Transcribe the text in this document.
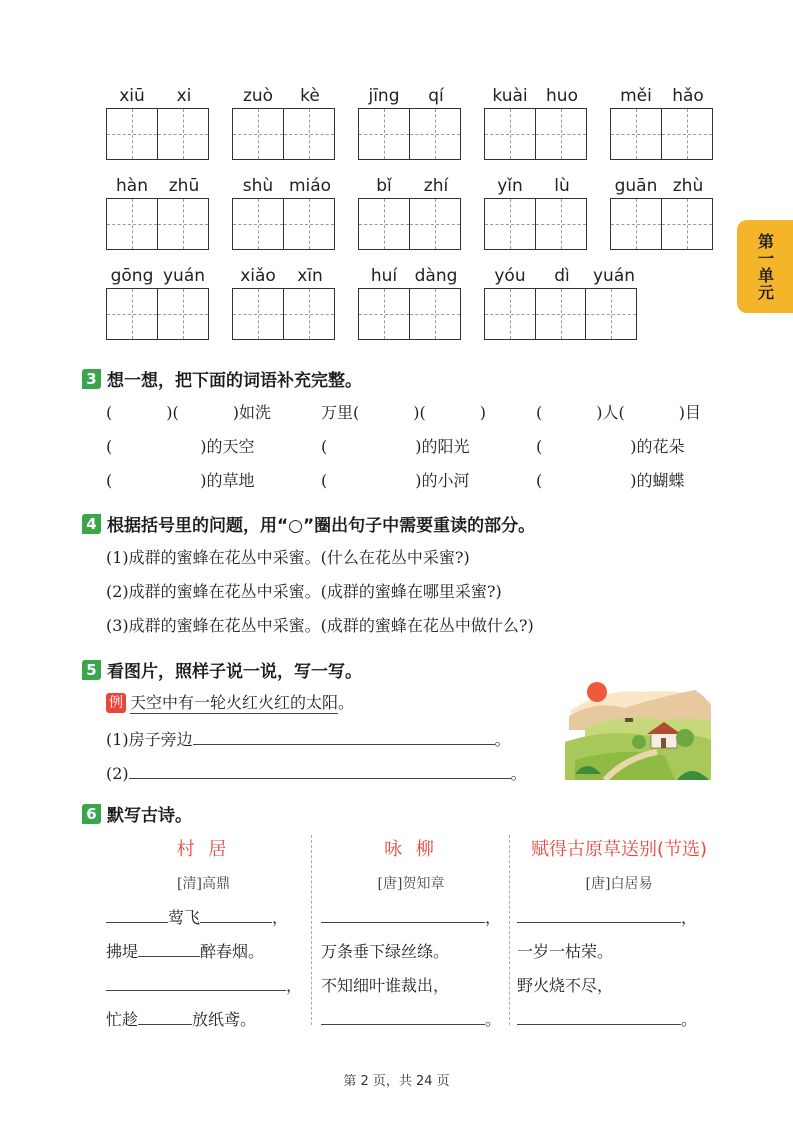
xiū	xi	zuò	kè	jīng	qí	kuài	huo	měi	hǎo
hàn	zhū	shù miáo	bǐ	zhí	yǐn	lù	guān zhù
gōng yuán	xiǎo	xīn	huí	dàng	yóu	dì	yuán	第一单元
3 想一想，把下面的词语补充完整。
(	)(	)如洗	万里(	)(	)	(	)人(	)目
(	)的天空	(	)的阳光	(	)的花朵
(	)的草地	(	)的小河	(	)的蝴蝶
4 根据括号里的问题，用“○”圈出句子中需要重读的部分。
(1)成群的蜜蜂在花丛中采蜜。(什么在花丛中采蜜?)
(2)成群的蜜蜂在花丛中采蜜。(成群的蜜蜂在哪里采蜜?)
(3)成群的蜜蜂在花丛中采蜜。(成群的蜜蜂在花丛中做什么?)
5 看图片，照样子说一说，写一写。
例 天空中有一轮火红火红的太阳。
(1)房子旁边	。
(2)	。
6 默写古诗。
村 居
[清]高鼎
莺飞	，
拂堤	醉春烟。
，
忙趁	放纸鸢。
咏 柳
[唐]贺知章
，
万条垂下绿丝绦。
不知细叶谁裁出，
。
赋得古原草送别(节选)
[唐]白居易
，
一岁一枯荣。
野火烧不尽，
。
第 2 页，共 24 页
